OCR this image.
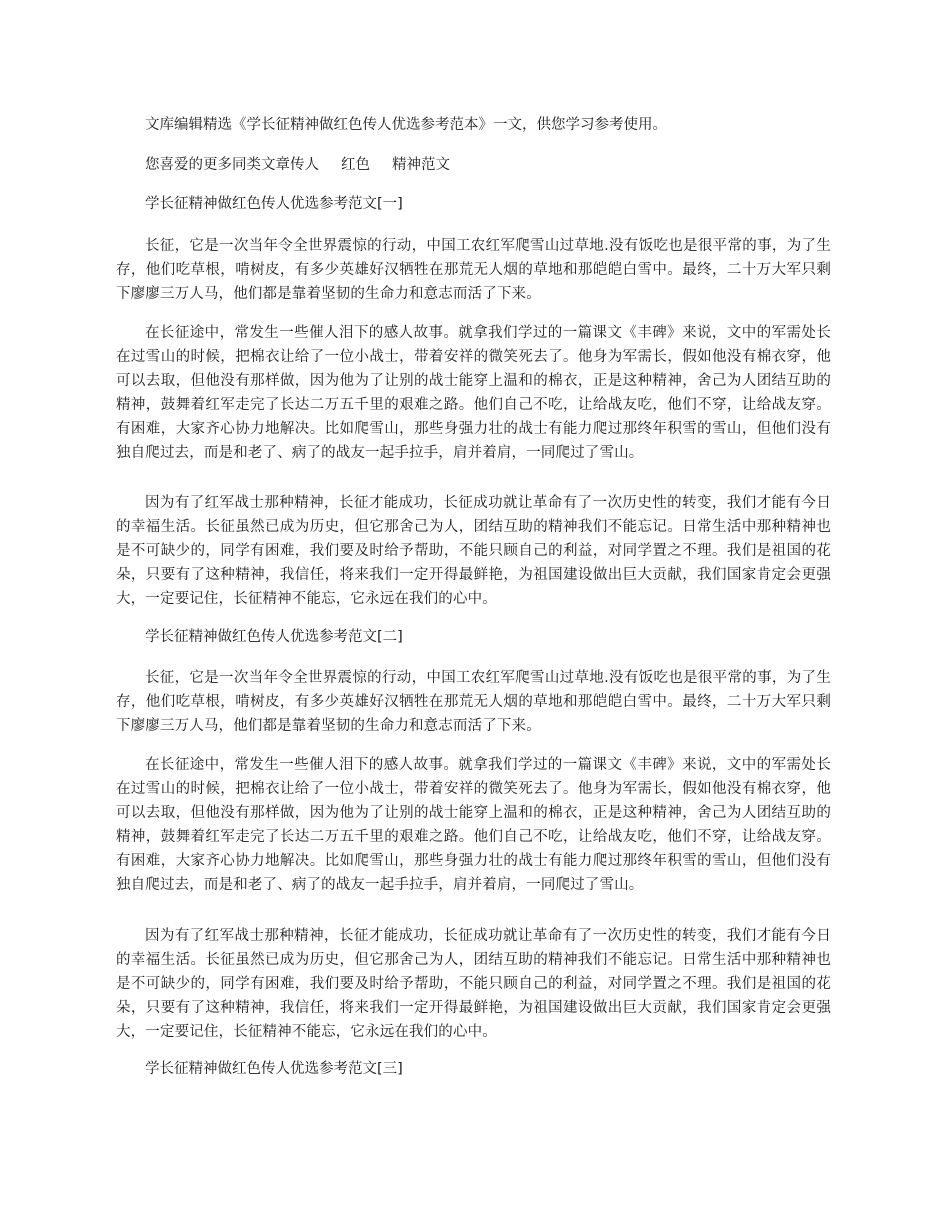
文库编辑精选《学长征精神做红色传人优选参考范本》一文，供您学习参考使用。
您喜爱的更多同类文章传人 红色 精神范文
学长征精神做红色传人优选参考范文[一]
长征，它是一次当年令全世界震惊的行动，中国工农红军爬雪山过草地.没有饭吃也是很平常的事，为了生存，他们吃草根，啃树皮，有多少英雄好汉牺牲在那荒无人烟的草地和那皑皑白雪中。最终，二十万大军只剩下廖廖三万人马，他们都是靠着坚韧的生命力和意志而活了下来。
在长征途中，常发生一些催人泪下的感人故事。就拿我们学过的一篇课文《丰碑》来说，文中的军需处长在过雪山的时候，把棉衣让给了一位小战士，带着安祥的微笑死去了。他身为军需长，假如他没有棉衣穿，他可以去取，但他没有那样做，因为他为了让别的战士能穿上温和的棉衣，正是这种精神，舍己为人团结互助的精神，鼓舞着红军走完了长达二万五千里的艰难之路。他们自己不吃，让给战友吃，他们不穿，让给战友穿。有困难，大家齐心协力地解决。比如爬雪山，那些身强力壮的战士有能力爬过那终年积雪的雪山，但他们没有独自爬过去，而是和老了、病了的战友一起手拉手，肩并着肩，一同爬过了雪山。
因为有了红军战士那种精神，长征才能成功，长征成功就让革命有了一次历史性的转变，我们才能有今日的幸福生活。长征虽然已成为历史，但它那舍己为人，团结互助的精神我们不能忘记。日常生活中那种精神也是不可缺少的，同学有困难，我们要及时给予帮助，不能只顾自己的利益，对同学置之不理。我们是祖国的花朵，只要有了这种精神，我信任，将来我们一定开得最鲜艳，为祖国建设做出巨大贡献，我们国家肯定会更强大，一定要记住，长征精神不能忘，它永远在我们的心中。
学长征精神做红色传人优选参考范文[二]
长征，它是一次当年令全世界震惊的行动，中国工农红军爬雪山过草地.没有饭吃也是很平常的事，为了生存，他们吃草根，啃树皮，有多少英雄好汉牺牲在那荒无人烟的草地和那皑皑白雪中。最终，二十万大军只剩下廖廖三万人马，他们都是靠着坚韧的生命力和意志而活了下来。
在长征途中，常发生一些催人泪下的感人故事。就拿我们学过的一篇课文《丰碑》来说，文中的军需处长在过雪山的时候，把棉衣让给了一位小战士，带着安祥的微笑死去了。他身为军需长，假如他没有棉衣穿，他可以去取，但他没有那样做，因为他为了让别的战士能穿上温和的棉衣，正是这种精神，舍己为人团结互助的精神，鼓舞着红军走完了长达二万五千里的艰难之路。他们自己不吃，让给战友吃，他们不穿，让给战友穿。有困难，大家齐心协力地解决。比如爬雪山，那些身强力壮的战士有能力爬过那终年积雪的雪山，但他们没有独自爬过去，而是和老了、病了的战友一起手拉手，肩并着肩，一同爬过了雪山。
因为有了红军战士那种精神，长征才能成功，长征成功就让革命有了一次历史性的转变，我们才能有今日的幸福生活。长征虽然已成为历史，但它那舍己为人，团结互助的精神我们不能忘记。日常生活中那种精神也是不可缺少的，同学有困难，我们要及时给予帮助，不能只顾自己的利益，对同学置之不理。我们是祖国的花朵，只要有了这种精神，我信任，将来我们一定开得最鲜艳，为祖国建设做出巨大贡献，我们国家肯定会更强大，一定要记住，长征精神不能忘，它永远在我们的心中。
学长征精神做红色传人优选参考范文[三]
